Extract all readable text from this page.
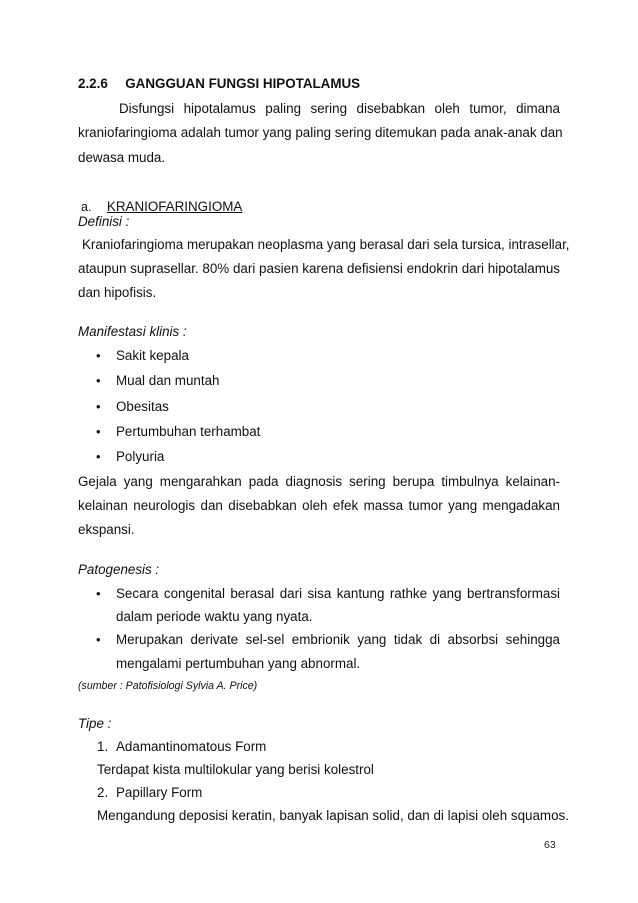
2.2.6 GANGGUAN FUNGSI HIPOTALAMUS
Disfungsi hipotalamus paling sering disebabkan oleh tumor, dimana
kraniofaringioma adalah tumor yang paling sering ditemukan pada anak-anak dan
dewasa muda.
a. KRANIOFARINGIOMA
Definisi :
Kraniofaringioma merupakan neoplasma yang berasal dari sela tursica, intrasellar,
ataupun suprasellar. 80% dari pasien karena defisiensi endokrin dari hipotalamus
dan hipofisis.
Manifestasi klinis :
• Sakit kepala
• Mual dan muntah
• Obesitas
• Pertumbuhan terhambat
• Polyuria
Gejala yang mengarahkan pada diagnosis sering berupa timbulnya kelainan-
kelainan neurologis dan disebabkan oleh efek massa tumor yang mengadakan
ekspansi.
Patogenesis :
• Secara congenital berasal dari sisa kantung rathke yang bertransformasi
dalam periode waktu yang nyata.
• Merupakan derivate sel-sel embrionik yang tidak di absorbsi sehingga
mengalami pertumbuhan yang abnormal.
(sumber : Patofisiologi Sylvia A. Price)
Tipe :
1. Adamantinomatous Form
Terdapat kista multilokular yang berisi kolestrol
2. Papillary Form
Mengandung deposisi keratin, banyak lapisan solid, dan di lapisi oleh squamos.
63
